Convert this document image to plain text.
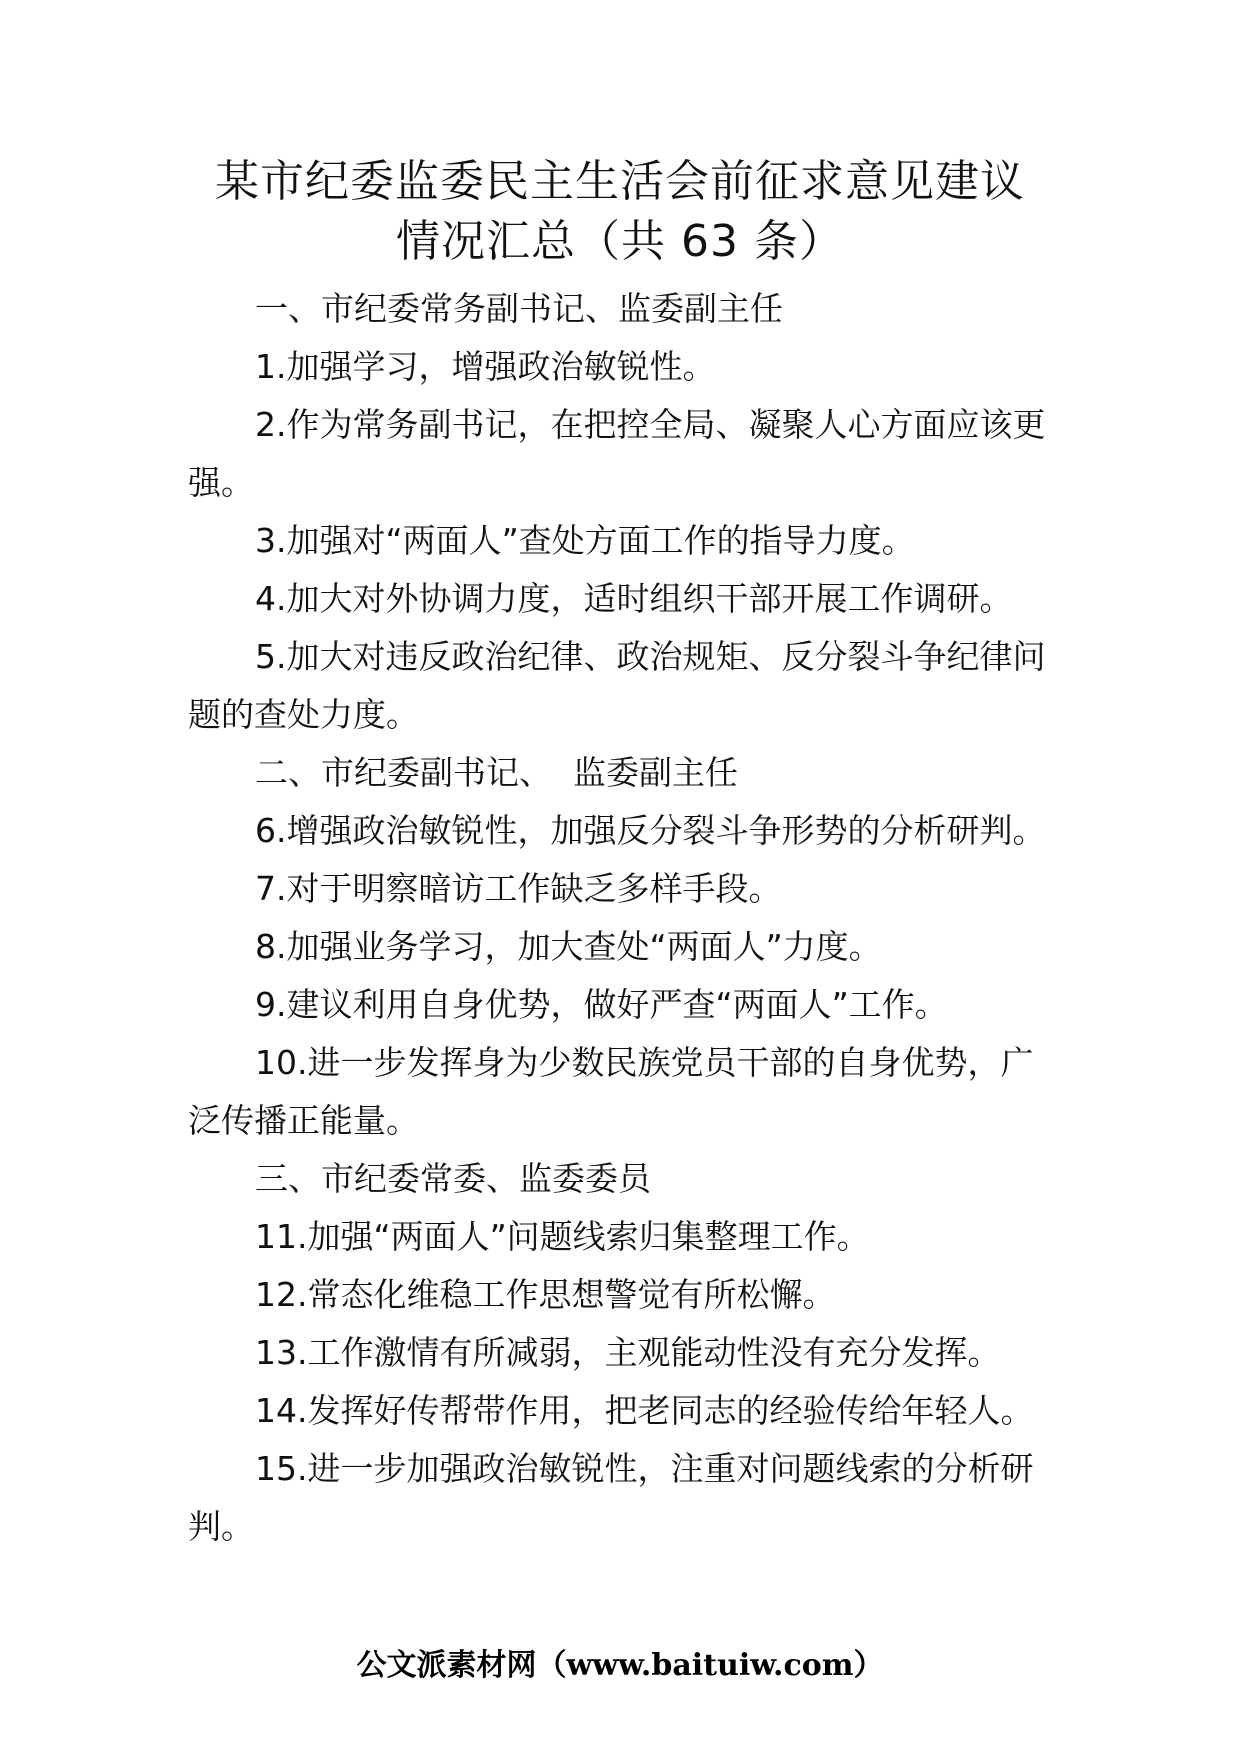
某市纪委监委民主生活会前征求意见建议
情况汇总（共 63 条）

一、市纪委常务副书记、监委副主任

1.加强学习，增强政治敏锐性。

2.作为常务副书记，在把控全局、凝聚人心方面应该更强。

3.加强对“两面人”查处方面工作的指导力度。

4.加大对外协调力度，适时组织干部开展工作调研。

5.加大对违反政治纪律、政治规矩、反分裂斗争纪律问题的查处力度。

二、市纪委副书记、  监委副主任

6.增强政治敏锐性，加强反分裂斗争形势的分析研判。

7.对于明察暗访工作缺乏多样手段。

8.加强业务学习，加大查处“两面人”力度。

9.建议利用自身优势，做好严查“两面人”工作。

10.进一步发挥身为少数民族党员干部的自身优势，广泛传播正能量。

三、市纪委常委、监委委员

11.加强“两面人”问题线索归集整理工作。

12.常态化维稳工作思想警觉有所松懈。

13.工作激情有所减弱，主观能动性没有充分发挥。

14.发挥好传帮带作用，把老同志的经验传给年轻人。

15.进一步加强政治敏锐性，注重对问题线索的分析研判。

公文派素材网（www.baituiw.com）
